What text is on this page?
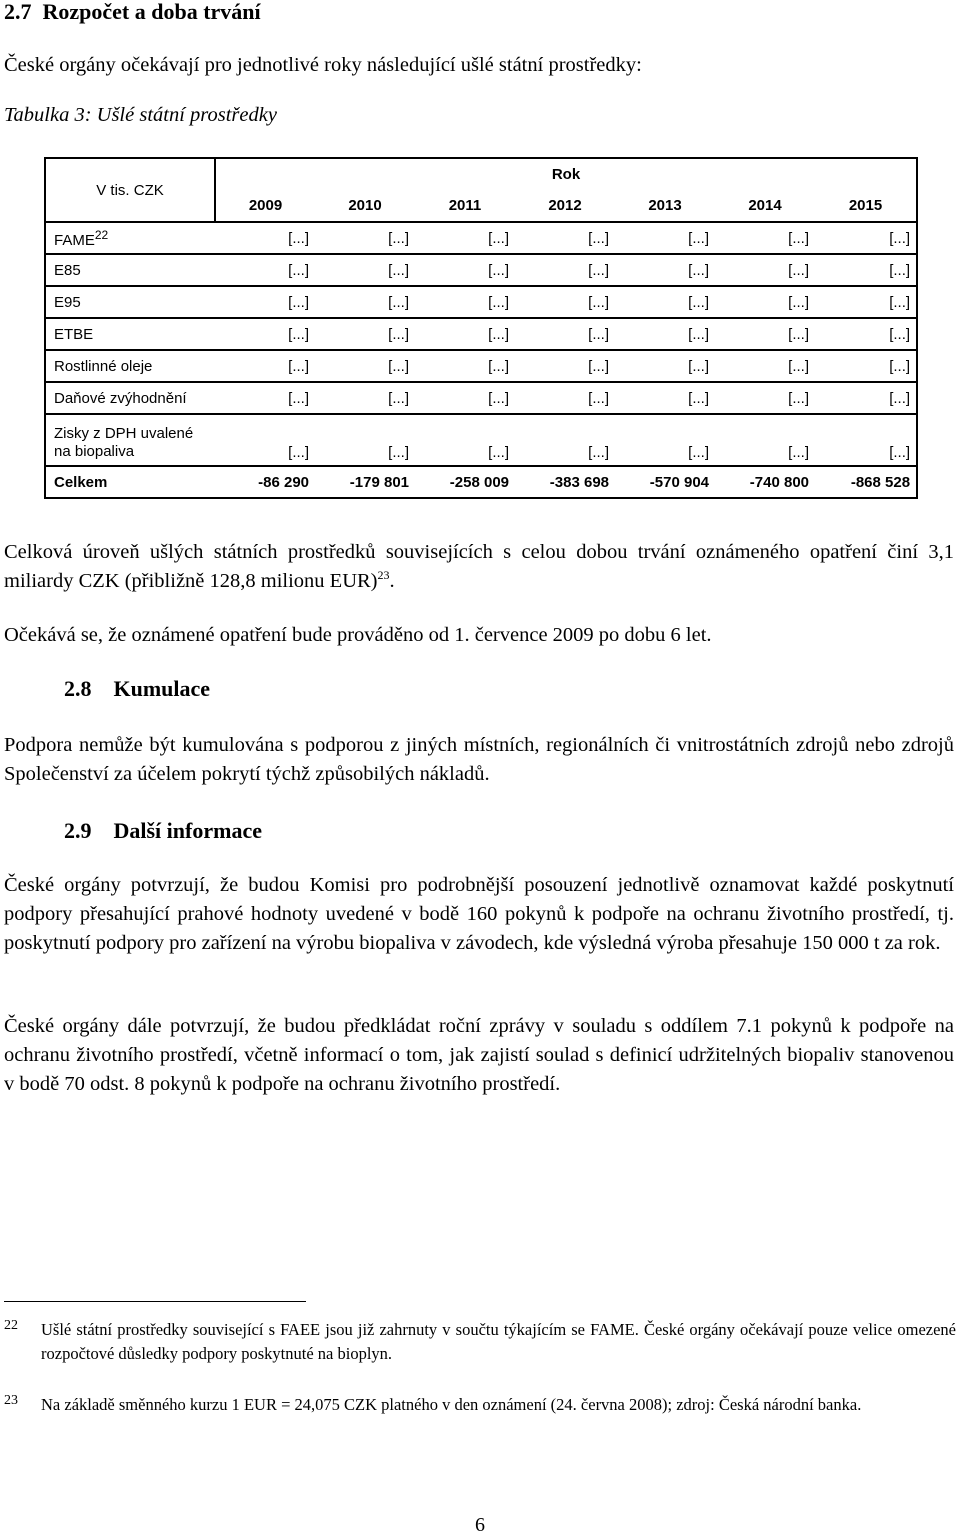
2.7 Rozpočet a doba trvání
České orgány očekávají pro jednotlivé roky následující ušlé státní prostředky:
Tabulka 3: Ušlé státní prostředky
V tis. CZK	Rok						
	2009	2010	2011	2012	2013	2014	2015
FAME$^{22}$	[...]	[...]	[...]	[...]	[...]	[...]	[...]
E85	[...]	[...]	[...]	[...]	[...]	[...]	[...]
E95	[...]	[...]	[...]	[...]	[...]	[...]	[...]
ETBE	[...]	[...]	[...]	[...]	[...]	[...]	[...]
Rostlinné oleje	[...]	[...]	[...]	[...]	[...]	[...]	[...]
Daňové zvýhodnění	[...]	[...]	[...]	[...]	[...]	[...]	[...]
Zisky z DPH uvalené
na biopaliva	[...]	[...]	[...]	[...]	[...]	[...]	[...]
Celkem	-86 290	-179 801	-258 009	-383 698	-570 904	-740 800	-868 528
Celková úroveň ušlých státních prostředků souvisejících s celou dobou trvání oznámeného opatření činí 3,1 miliardy CZK (přibližně 128,8 milionu EUR)$^{23}$.
Očekává se, že oznámené opatření bude prováděno od 1. července 2009 po dobu 6 let.
2.8 Kumulace
Podpora nemůže být kumulována s podporou z jiných místních, regionálních či vnitrostátních zdrojů nebo zdrojů Společenství za účelem pokrytí týchž způsobilých nákladů.
2.9 Další informace
České orgány potvrzují, že budou Komisi pro podrobnější posouzení jednotlivě oznamovat každé poskytnutí podpory přesahující prahové hodnoty uvedené v bodě 160 pokynů k podpoře na ochranu životního prostředí, tj. poskytnutí podpory pro zařízení na výrobu biopaliva v závodech, kde výsledná výroba přesahuje 150 000 t za rok.
České orgány dále potvrzují, že budou předkládat roční zprávy v souladu s oddílem 7.1 pokynů k podpoře na ochranu životního prostředí, včetně informací o tom, jak zajistí soulad s definicí udržitelných biopaliv stanovenou v bodě 70 odst. 8 pokynů k podpoře na ochranu životního prostředí.
22 Ušlé státní prostředky související s FAEE jsou již zahrnuty v součtu týkajícím se FAME. České orgány očekávají pouze velice omezené rozpočtové důsledky podpory poskytnuté na bioplyn.
23 Na základě směnného kurzu 1 EUR = 24,075 CZK platného v den oznámení (24. června 2008); zdroj: Česká národní banka.
6
